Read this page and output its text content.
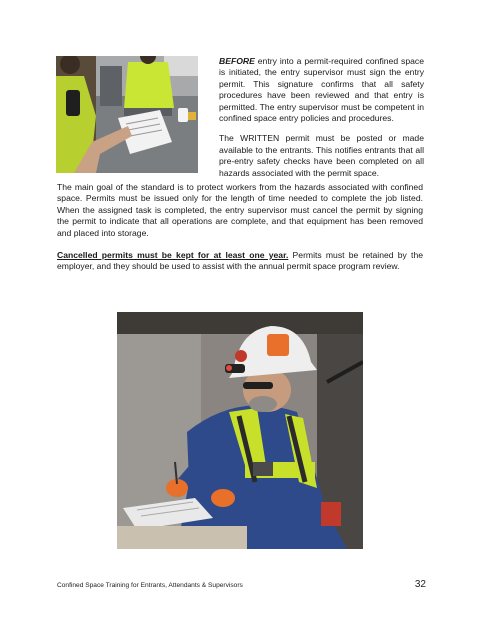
BEFORE entry into a permit-required confined space is initiated, the entry supervisor must sign the entry permit. This signature confirms that all safety procedures have been reviewed and that entry is permitted. The entry supervisor must be competent in confined space entry policies and procedures.

The WRITTEN permit must be posted or made available to the entrants. This notifies entrants that all pre-entry safety checks have been completed on all hazards associated with the permit space.

The main goal of the standard is to protect workers from the hazards associated with confined space. Permits must be issued only for the length of time needed to complete the job listed. When the assigned task is completed, the entry supervisor must cancel the permit by signing the permit to indicate that all operations are complete, and that equipment has been removed and placed into storage.

Cancelled permits must be kept for at least one year. Permits must be retained by the employer, and they should be used to assist with the annual permit space program review.

Confined Space Training for Entrants, Attendants & Supervisors	32
